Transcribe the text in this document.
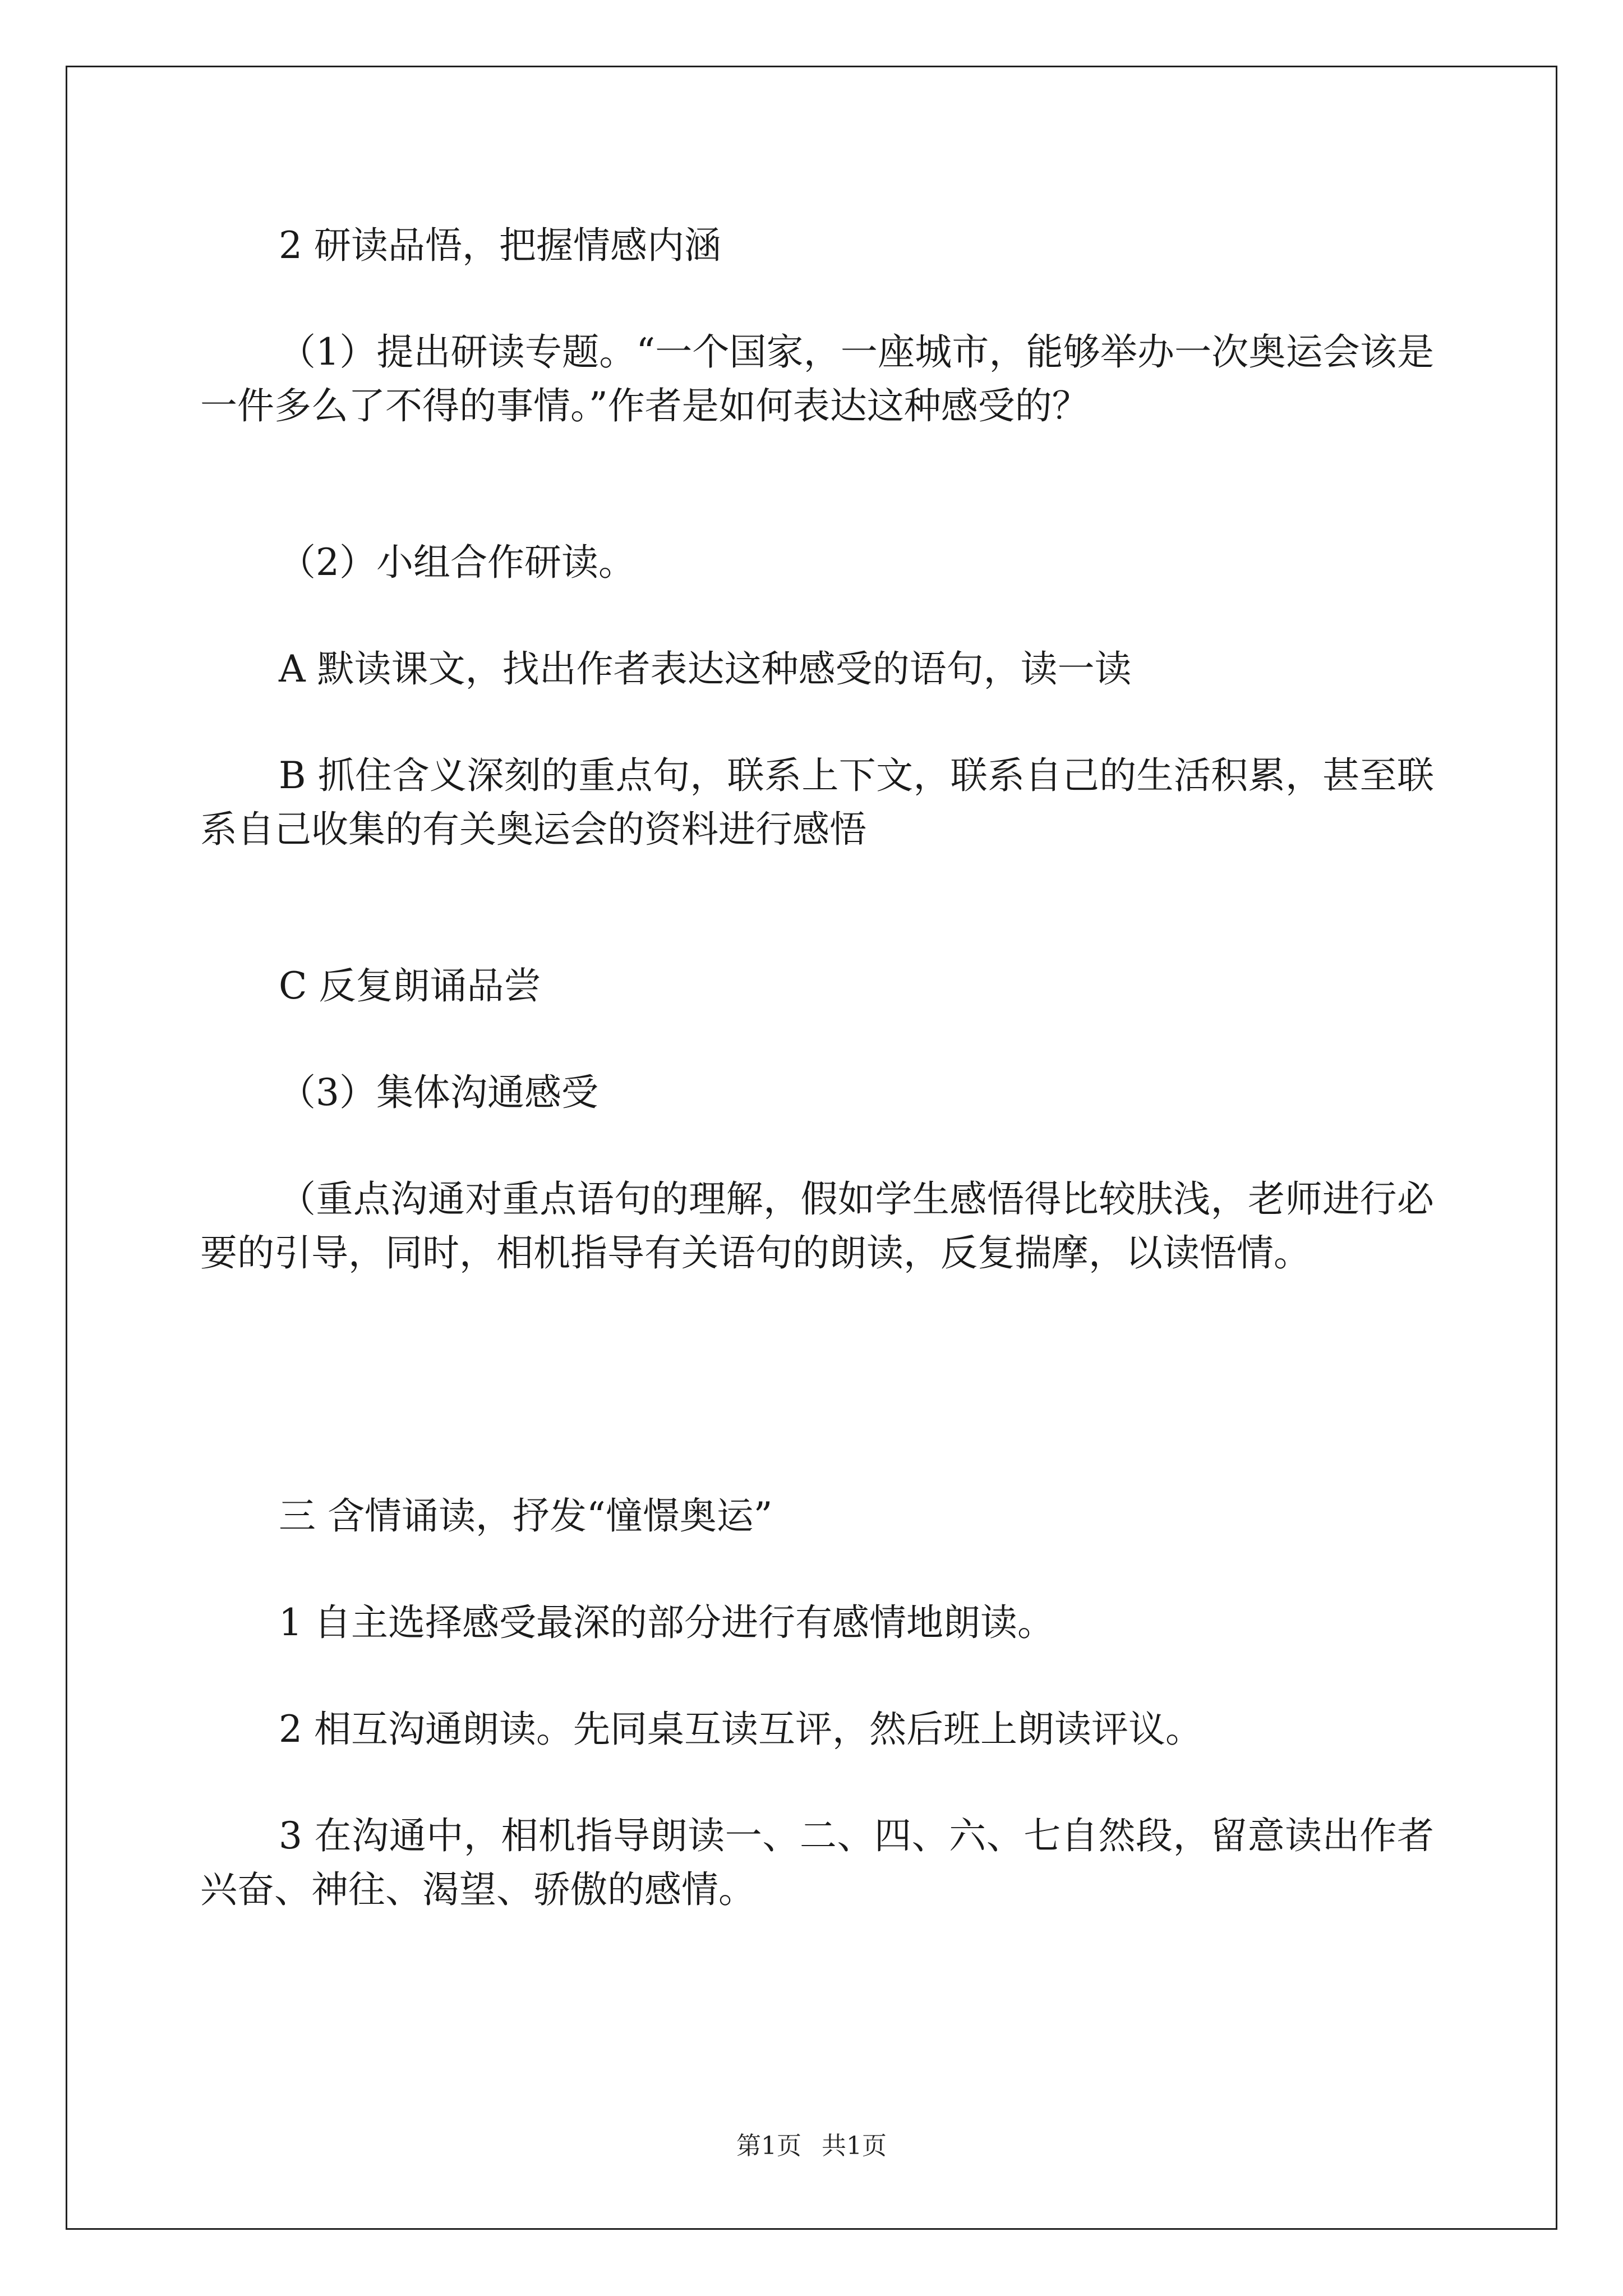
2 研读品悟，把握情感内涵
（1）提出研读专题。“一个国家，一座城市，能够举办一次奥运会该是一件多么了不得的事情。”作者是如何表达这种感受的？
（2）小组合作研读。
A 默读课文，找出作者表达这种感受的语句，读一读
B 抓住含义深刻的重点句，联系上下文，联系自己的生活积累，甚至联系自己收集的有关奥运会的资料进行感悟
C 反复朗诵品尝
（3）集体沟通感受
（重点沟通对重点语句的理解，假如学生感悟得比较肤浅，老师进行必要的引导，同时，相机指导有关语句的朗读，反复揣摩，以读悟情。
三 含情诵读，抒发“憧憬奥运”
1 自主选择感受最深的部分进行有感情地朗读。
2 相互沟通朗读。先同桌互读互评，然后班上朗读评议。
3 在沟通中，相机指导朗读一、二、四、六、七自然段，留意读出作者兴奋、神往、渴望、骄傲的感情。
第1页 共1页
